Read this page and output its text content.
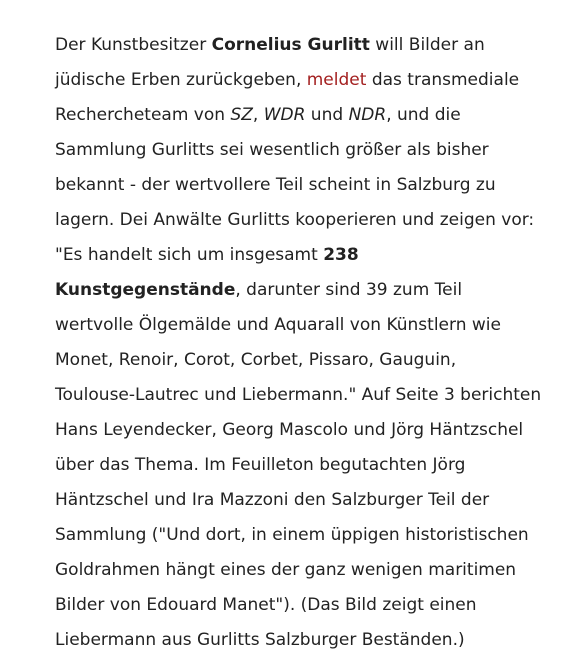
Der Kunstbesitzer Cornelius Gurlitt will Bilder an
jüdische Erben zurückgeben, meldet das transmediale
Rechercheteam von SZ, WDR und NDR, und die
Sammlung Gurlitts sei wesentlich größer als bisher
bekannt - der wertvollere Teil scheint in Salzburg zu
lagern. Dei Anwälte Gurlitts kooperieren und zeigen vor:
"Es handelt sich um insgesamt 238
Kunstgegenstände, darunter sind 39 zum Teil
wertvolle Ölgemälde und Aquarall von Künstlern wie
Monet, Renoir, Corot, Corbet, Pissaro, Gauguin,
Toulouse-Lautrec und Liebermann." Auf Seite 3 berichten
Hans Leyendecker, Georg Mascolo und Jörg Häntzschel
über das Thema. Im Feuilleton begutachten Jörg
Häntzschel und Ira Mazzoni den Salzburger Teil der
Sammlung ("Und dort, in einem üppigen historistischen
Goldrahmen hängt eines der ganz wenigen maritimen
Bilder von Edouard Manet"). (Das Bild zeigt einen
Liebermann aus Gurlitts Salzburger Beständen.)
